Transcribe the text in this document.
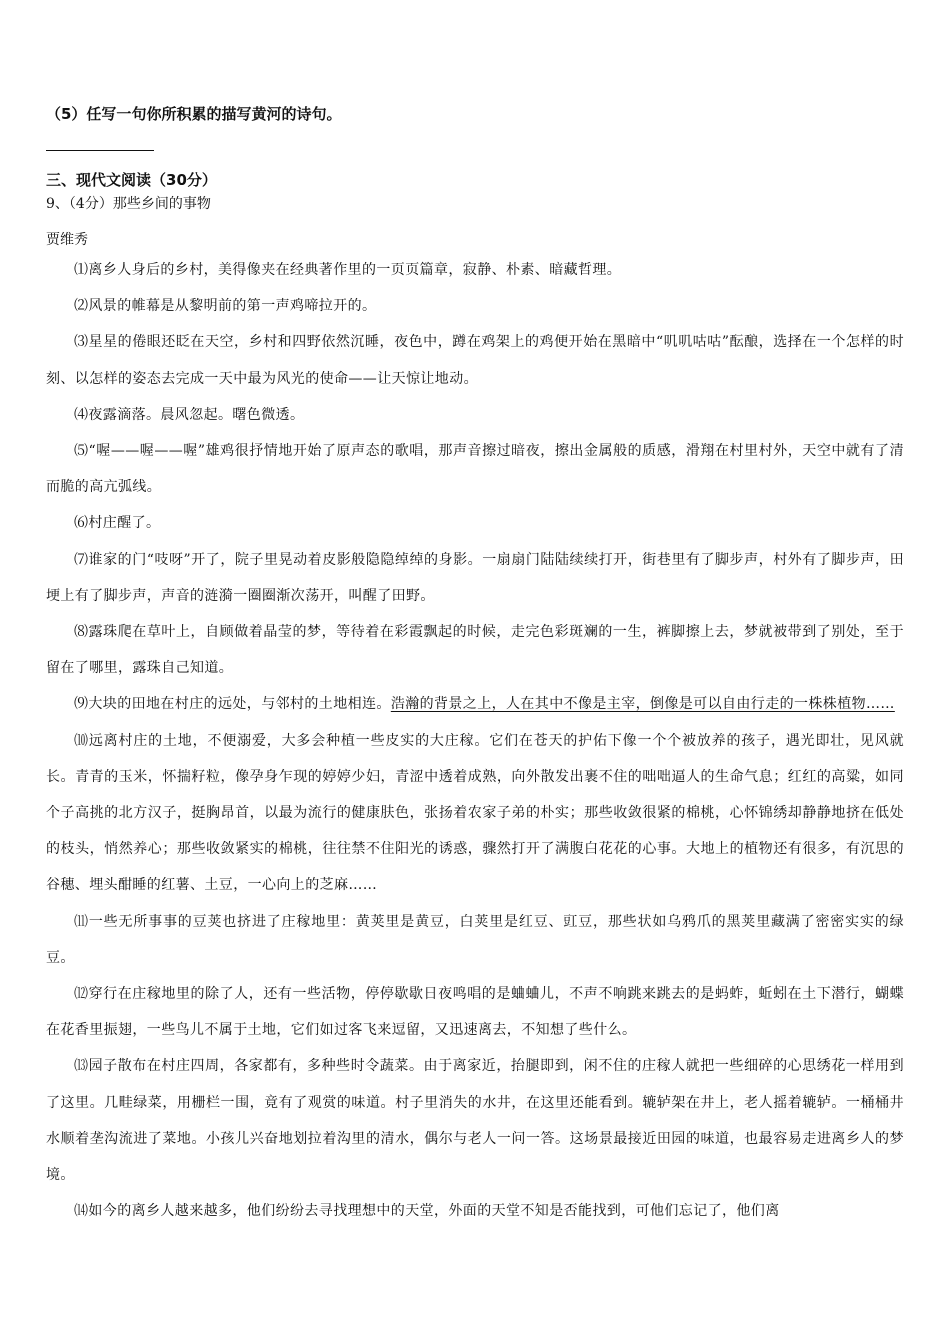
（5）任写一句你所积累的描写黄河的诗句。
三、现代文阅读（30分）
9、（4分）那些乡间的事物
贾维秀

⑴离乡人身后的乡村，美得像夹在经典著作里的一页页篇章，寂静、朴素、暗藏哲理。

⑵风景的帷幕是从黎明前的第一声鸡啼拉开的。

⑶星星的倦眼还眨在天空，乡村和四野依然沉睡，夜色中，蹲在鸡架上的鸡便开始在黑暗中“叽叽咕咕”酝酿，选择在一个怎样的时刻、以怎样的姿态去完成一天中最为风光的使命——让天惊让地动。

⑷夜露滴落。晨风忽起。曙色微透。

⑸“喔——喔——喔”雄鸡很抒情地开始了原声态的歌唱，那声音擦过暗夜，擦出金属般的质感，滑翔在村里村外，天空中就有了清而脆的高亢弧线。

⑹村庄醒了。

⑺谁家的门“吱呀”开了，院子里晃动着皮影般隐隐绰绰的身影。一扇扇门陆陆续续打开，街巷里有了脚步声，村外有了脚步声，田埂上有了脚步声，声音的涟漪一圈圈渐次荡开，叫醒了田野。

⑻露珠爬在草叶上，自顾做着晶莹的梦，等待着在彩霞飘起的时候，走完色彩斑斓的一生，裤脚擦上去，梦就被带到了别处，至于留在了哪里，露珠自己知道。

⑼大块的田地在村庄的远处，与邻村的土地相连。浩瀚的背景之上，人在其中不像是主宰，倒像是可以自由行走的一株株植物……

⑽远离村庄的土地，不便溺爱，大多会种植一些皮实的大庄稼。它们在苍天的护佑下像一个个被放养的孩子，遇光即壮，见风就长。青青的玉米，怀揣籽粒，像孕身乍现的婷婷少妇，青涩中透着成熟，向外散发出裹不住的咄咄逼人的生命气息；红红的高粱，如同个子高挑的北方汉子，挺胸昂首，以最为流行的健康肤色，张扬着农家子弟的朴实；那些收敛很紧的棉桃，心怀锦绣却静静地挤在低处的枝头，悄然养心；那些收敛紧实的棉桃，往往禁不住阳光的诱惑，骤然打开了满腹白花花的心事。大地上的植物还有很多，有沉思的谷穗、埋头酣睡的红薯、土豆，一心向上的芝麻……

⑾一些无所事事的豆荚也挤进了庄稼地里：黄荚里是黄豆，白荚里是红豆、豇豆，那些状如乌鸦爪的黑荚里藏满了密密实实的绿豆。

⑿穿行在庄稼地里的除了人，还有一些活物，停停歇歇日夜鸣唱的是蛐蛐儿，不声不响跳来跳去的是蚂蚱，蚯蚓在土下潜行，蝴蝶在花香里振翅，一些鸟儿不属于土地，它们如过客飞来逗留，又迅速离去，不知想了些什么。

⒀园子散布在村庄四周，各家都有，多种些时令蔬菜。由于离家近，抬腿即到，闲不住的庄稼人就把一些细碎的心思绣花一样用到了这里。几畦绿菜，用栅栏一围，竟有了观赏的味道。村子里消失的水井，在这里还能看到。辘轳架在井上，老人摇着辘轳。一桶桶井水顺着垄沟流进了菜地。小孩儿兴奋地划拉着沟里的清水，偶尔与老人一问一答。这场景最接近田园的味道，也最容易走进离乡人的梦境。

⒁如今的离乡人越来越多，他们纷纷去寻找理想中的天堂，外面的天堂不知是否能找到，可他们忘记了，他们离
